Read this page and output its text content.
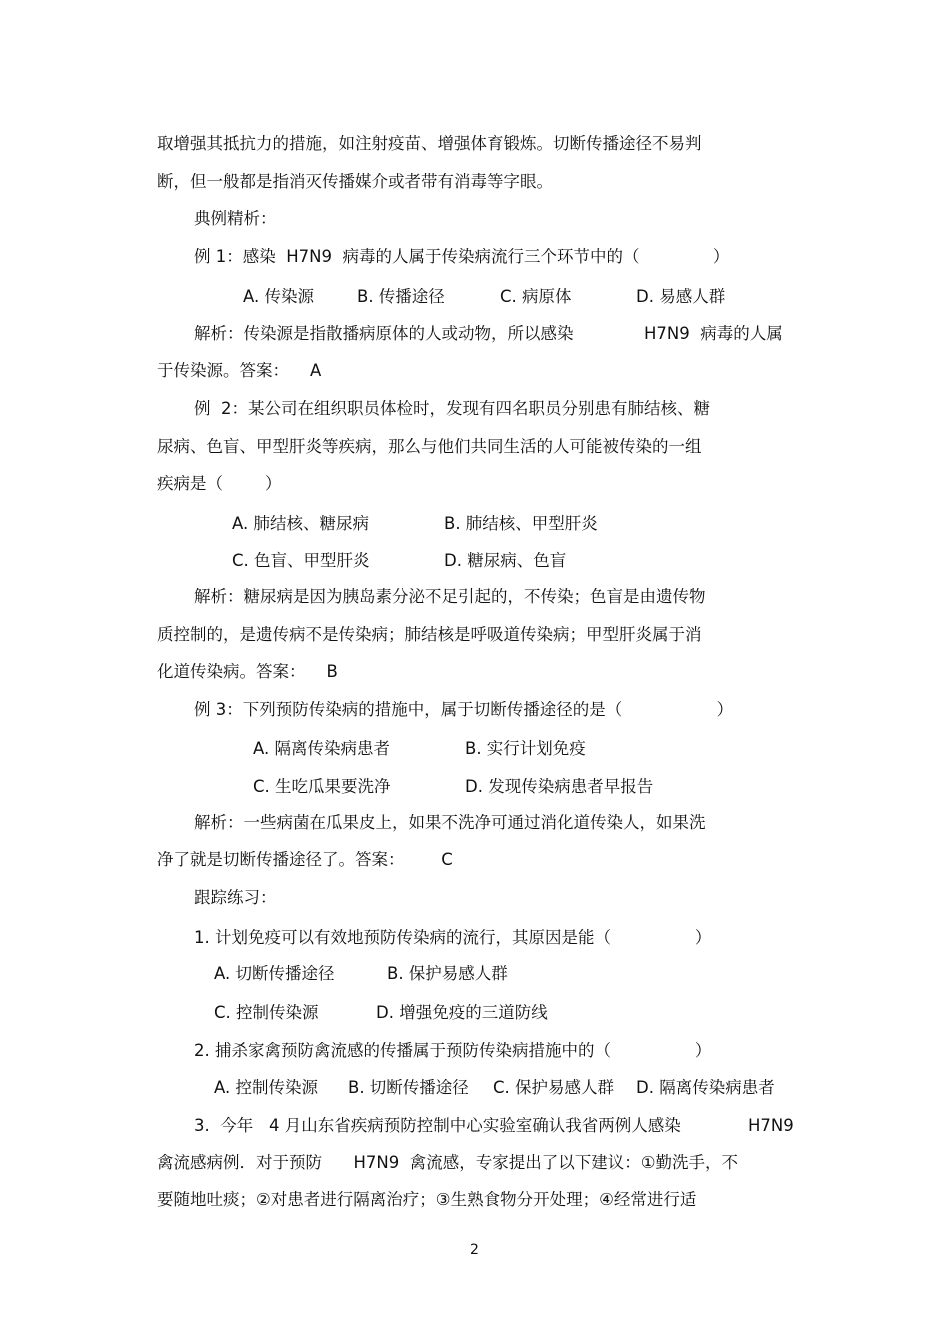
取增强其抵抗力的措施，如注射疫苗、增强体育锻炼。切断传播途径不易判
断，但一般都是指消灭传播媒介或者带有消毒等字眼。
典例精析：
例 1：感染  H7N9  病毒的人属于传染病流行三个环节中的（              ）
A. 传染源	B. 传播途径	C. 病原体	D. 易感人群
解析：传染源是指散播病原体的人或动物，所以感染	H7N9  病毒的人属
于传染源。答案：    A
例  2：某公司在组织职员体检时，发现有四名职员分别患有肺结核、糖
尿病、色盲、甲型肝炎等疾病，那么与他们共同生活的人可能被传染的一组
疾病是（        ）
A. 肺结核、糖尿病	B. 肺结核、甲型肝炎
C. 色盲、甲型肝炎	D. 糖尿病、色盲
解析：糖尿病是因为胰岛素分泌不足引起的，不传染；色盲是由遗传物
质控制的，是遗传病不是传染病；肺结核是呼吸道传染病；甲型肝炎属于消
化道传染病。答案：    B
例 3：下列预防传染病的措施中，属于切断传播途径的是（                  ）
A. 隔离传染病患者	B. 实行计划免疫
C. 生吃瓜果要洗净	D. 发现传染病患者早报告
解析：一些病菌在瓜果皮上，如果不洗净可通过消化道传染人，如果洗
净了就是切断传播途径了。答案：       C
跟踪练习：
1. 计划免疫可以有效地预防传染病的流行，其原因是能（                ）
A. 切断传播途径	B. 保护易感人群
C. 控制传染源	D. 增强免疫的三道防线
2. 捕杀家禽预防禽流感的传播属于预防传染病措施中的（                ）
A. 控制传染源 B. 切断传播途径 C. 保护易感人群 D. 隔离传染病患者
3.  今年   4 月山东省疾病预防控制中心实验室确认我省两例人感染	H7N9
禽流感病例．对于预防      H7N9  禽流感，专家提出了以下建议：①勤洗手，不
要随地吐痰；②对患者进行隔离治疗；③生熟食物分开处理；④经常进行适
2
